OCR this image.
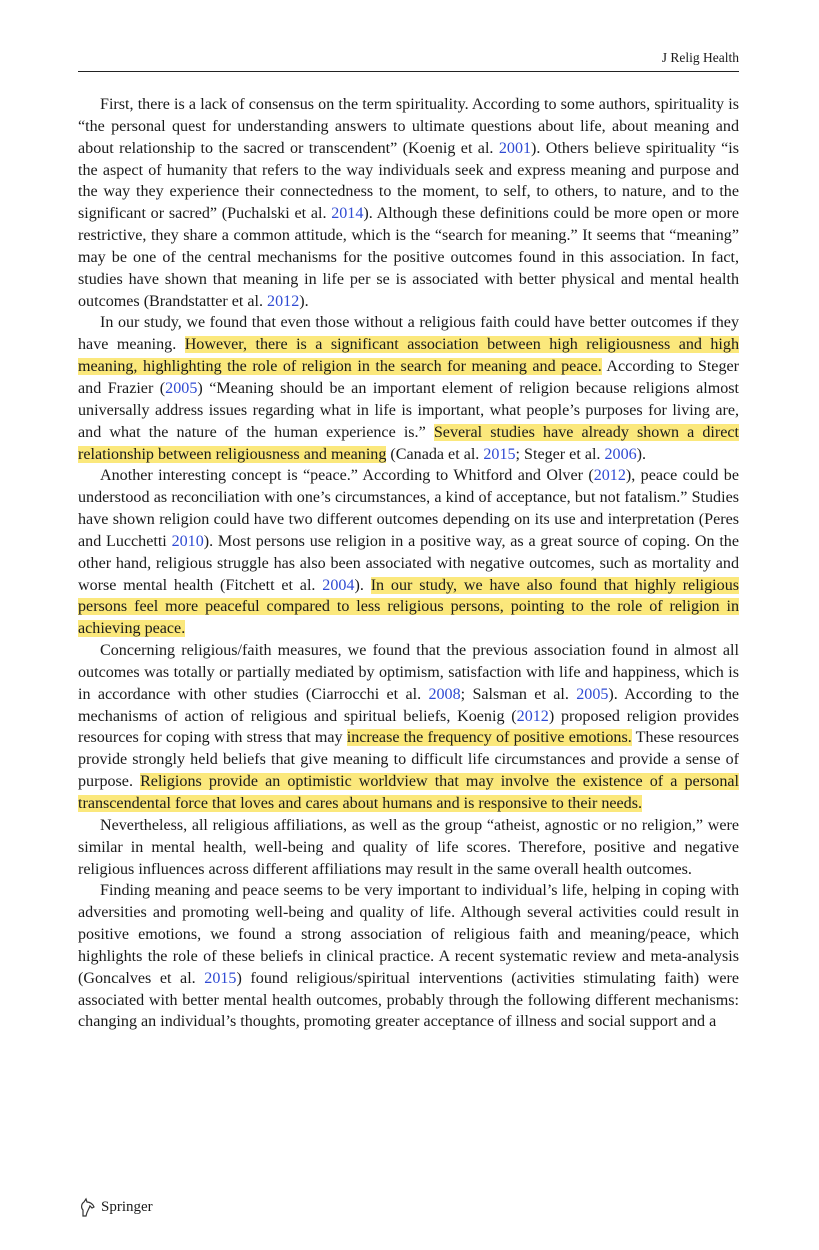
J Relig Health

First, there is a lack of consensus on the term spirituality. According to some authors, spirituality is “the personal quest for understanding answers to ultimate questions about life, about meaning and about relationship to the sacred or transcendent” (Koenig et al. 2001). Others believe spirituality “is the aspect of humanity that refers to the way individuals seek and express meaning and purpose and the way they experience their connectedness to the moment, to self, to others, to nature, and to the significant or sacred” (Puchalski et al. 2014). Although these definitions could be more open or more restrictive, they share a common attitude, which is the “search for meaning.” It seems that “meaning” may be one of the central mechanisms for the positive outcomes found in this association. In fact, studies have shown that meaning in life per se is associated with better physical and mental health outcomes (Brandstatter et al. 2012).

In our study, we found that even those without a religious faith could have better outcomes if they have meaning. However, there is a significant association between high religiousness and high meaning, highlighting the role of religion in the search for meaning and peace. According to Steger and Frazier (2005) “Meaning should be an important element of religion because religions almost universally address issues regarding what in life is important, what people’s purposes for living are, and what the nature of the human experience is.” Several studies have already shown a direct relationship between religiousness and meaning (Canada et al. 2015; Steger et al. 2006).

Another interesting concept is “peace.” According to Whitford and Olver (2012), peace could be understood as reconciliation with one’s circumstances, a kind of acceptance, but not fatalism.” Studies have shown religion could have two different outcomes depending on its use and interpretation (Peres and Lucchetti 2010). Most persons use religion in a positive way, as a great source of coping. On the other hand, religious struggle has also been associated with negative outcomes, such as mortality and worse mental health (Fitchett et al. 2004). In our study, we have also found that highly religious persons feel more peaceful compared to less religious persons, pointing to the role of religion in achieving peace.

Concerning religious/faith measures, we found that the previous association found in almost all outcomes was totally or partially mediated by optimism, satisfaction with life and happiness, which is in accordance with other studies (Ciarrocchi et al. 2008; Salsman et al. 2005). According to the mechanisms of action of religious and spiritual beliefs, Koenig (2012) proposed religion provides resources for coping with stress that may increase the frequency of positive emotions. These resources provide strongly held beliefs that give meaning to difficult life circumstances and provide a sense of purpose. Religions provide an optimistic worldview that may involve the existence of a personal transcendental force that loves and cares about humans and is responsive to their needs.

Nevertheless, all religious affiliations, as well as the group “atheist, agnostic or no religion,” were similar in mental health, well-being and quality of life scores. Therefore, positive and negative religious influences across different affiliations may result in the same overall health outcomes.

Finding meaning and peace seems to be very important to individual’s life, helping in coping with adversities and promoting well-being and quality of life. Although several activities could result in positive emotions, we found a strong association of religious faith and meaning/peace, which highlights the role of these beliefs in clinical practice. A recent systematic review and meta-analysis (Goncalves et al. 2015) found religious/spiritual interventions (activities stimulating faith) were associated with better mental health outcomes, probably through the following different mechanisms: changing an individual’s thoughts, promoting greater acceptance of illness and social support and a

Springer
